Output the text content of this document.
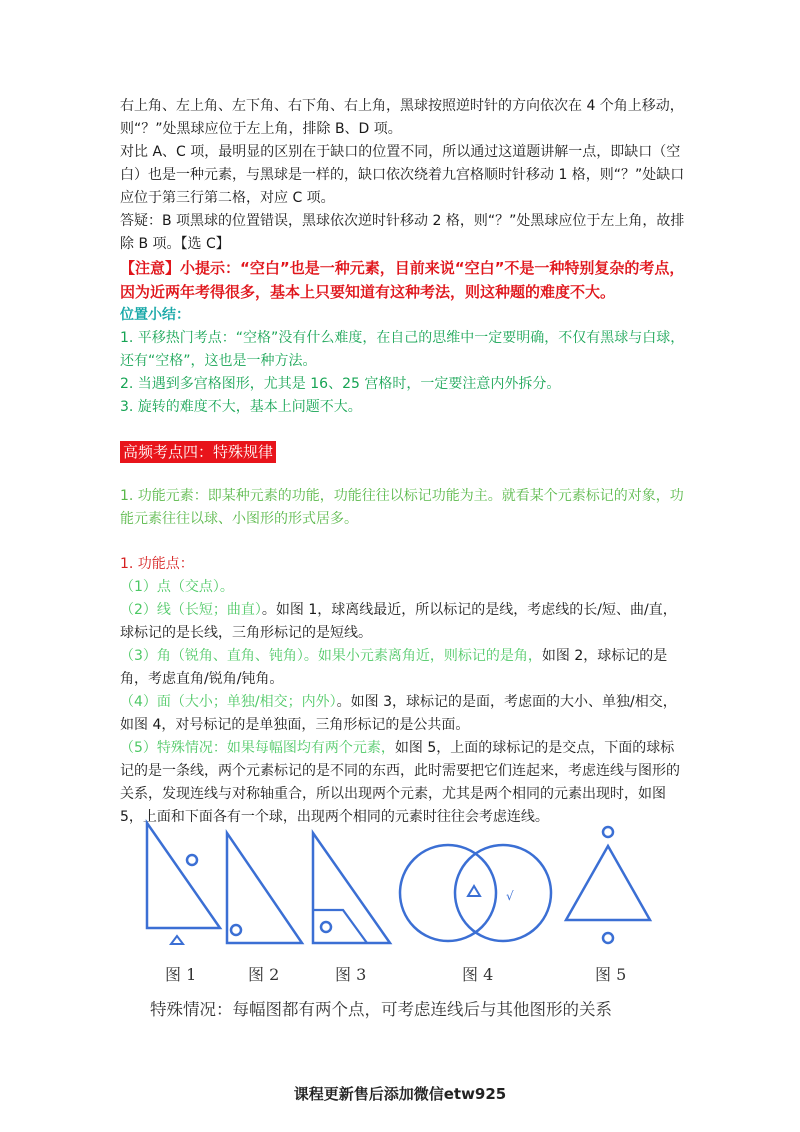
右上角、左上角、左下角、右下角、右上角，黑球按照逆时针的方向依次在 4 个角上移动，则“？”处黑球应位于左上角，排除 B、D 项。

对比 A、C 项，最明显的区别在于缺口的位置不同，所以通过这道题讲解一点，即缺口（空白）也是一种元素，与黑球是一样的，缺口依次绕着九宫格顺时针移动 1 格，则“？”处缺口应位于第三行第二格，对应 C 项。

答疑：B 项黑球的位置错误，黑球依次逆时针移动 2 格，则“？”处黑球应位于左上角，故排除 B 项。【选 C】

【注意】小提示：“空白”也是一种元素，目前来说“空白”不是一种特别复杂的考点，因为近两年考得很多，基本上只要知道有这种考法，则这种题的难度不大。

位置小结：

1. 平移热门考点：“空格”没有什么难度，在自己的思维中一定要明确，不仅有黑球与白球，还有“空格”，这也是一种方法。

2. 当遇到多宫格图形，尤其是 16、25 宫格时，一定要注意内外拆分。

3. 旋转的难度不大，基本上问题不大。

高频考点四：特殊规律

1. 功能元素：即某种元素的功能，功能往往以标记功能为主。就看某个元素标记的对象，功能元素往往以球、小图形的形式居多。

1. 功能点：

（1）点（交点）。

（2）线（长短；曲直）。如图 1，球离线最近，所以标记的是线，考虑线的长/短、曲/直，球标记的是长线，三角形标记的是短线。

（3）角（锐角、直角、钝角）。如果小元素离角近，则标记的是角，如图 2，球标记的是角，考虑直角/锐角/钝角。

（4）面（大小；单独/相交；内外）。如图 3，球标记的是面，考虑面的大小、单独/相交，如图 4，对号标记的是单独面，三角形标记的是公共面。

（5）特殊情况：如果每幅图均有两个元素，如图 5，上面的球标记的是交点，下面的球标记的是一条线，两个元素标记的是不同的东西，此时需要把它们连起来，考虑连线与图形的关系，发现连线与对称轴重合，所以出现两个元素，尤其是两个相同的元素出现时，如图 5，上面和下面各有一个球，出现两个相同的元素时往往会考虑连线。

√
图 1	图 2	图 3	图 4	图 5
特殊情况：每幅图都有两个点，可考虑连线后与其他图形的关系
课程更新售后添加微信etw925
